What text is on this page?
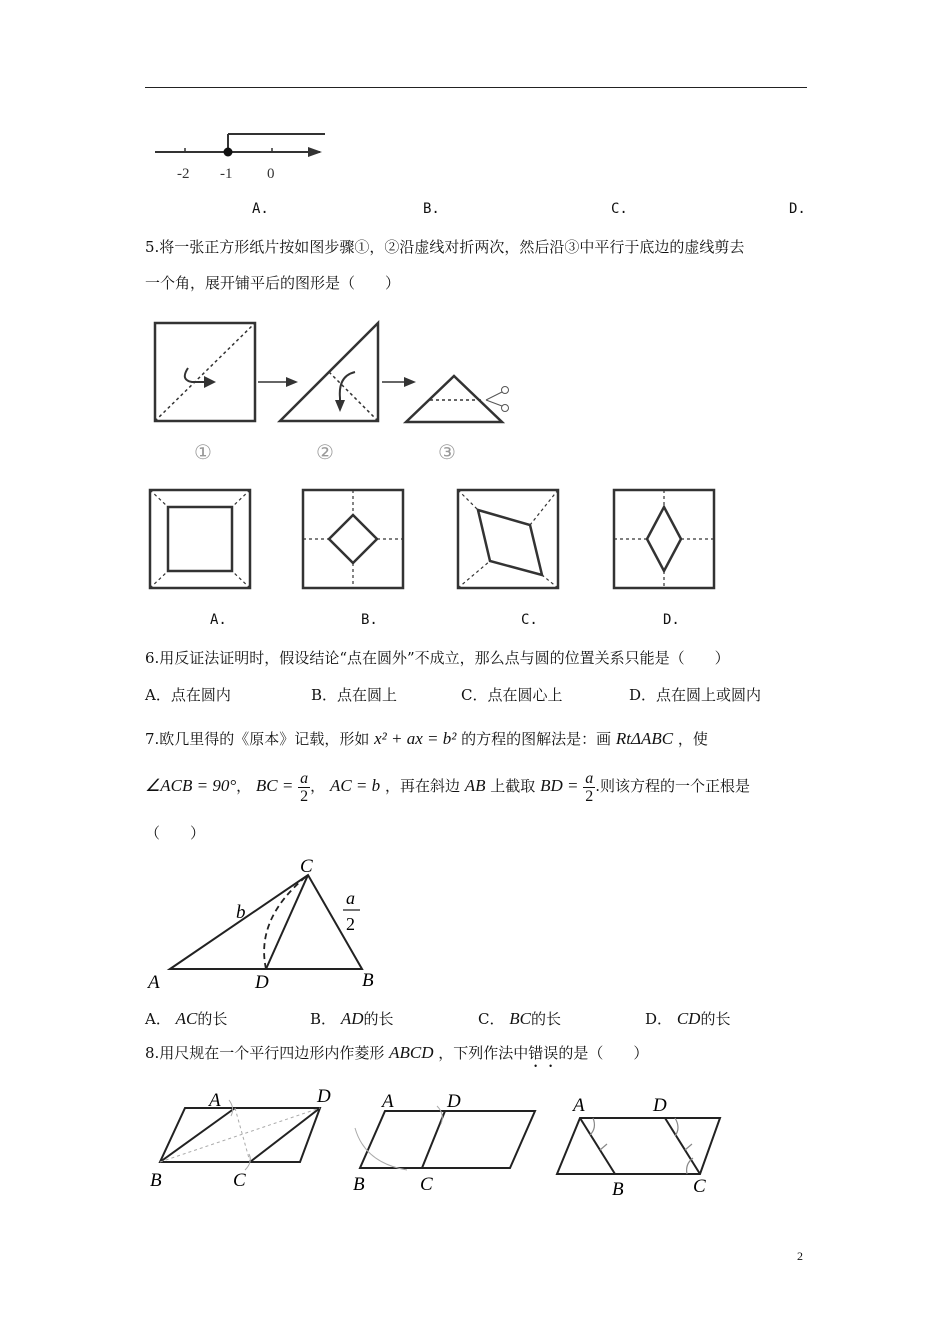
-2 -1 0
A.	B.	C.	D.
5.将一张正方形纸片按如图步骤①，②沿虚线对折两次，然后沿③中平行于底边的虚线剪去
一个角，展开铺平后的图形是（　　）
①	②	③
A.	B.	C.	D.
6.用反证法证明时，假设结论“点在圆外”不成立，那么点与圆的位置关系只能是（　　）
A．点在圆内	B．点在圆上	C．点在圆心上	D．点在圆上或圆内
7.欧几里得的《原本》记载，形如 x² + ax = b² 的方程的图解法是：画 RtΔABC ，使
∠ACB = 90°， BC = $\frac{a}{2}$ ， AC = b ，再在斜边 AB 上截取 BD = $\frac{a}{2}$ .则该方程的一个正根是
（　　）
C
A	D	B
b
a
2
A． AC的长	B． AD的长	C． BC的长	D． CD的长
8.用尺规在一个平行四边形内作菱形 ABCD ，下列作法中错误的是（　　）
A	D
B	C
A	D
B	C
A	D
B	C
2
